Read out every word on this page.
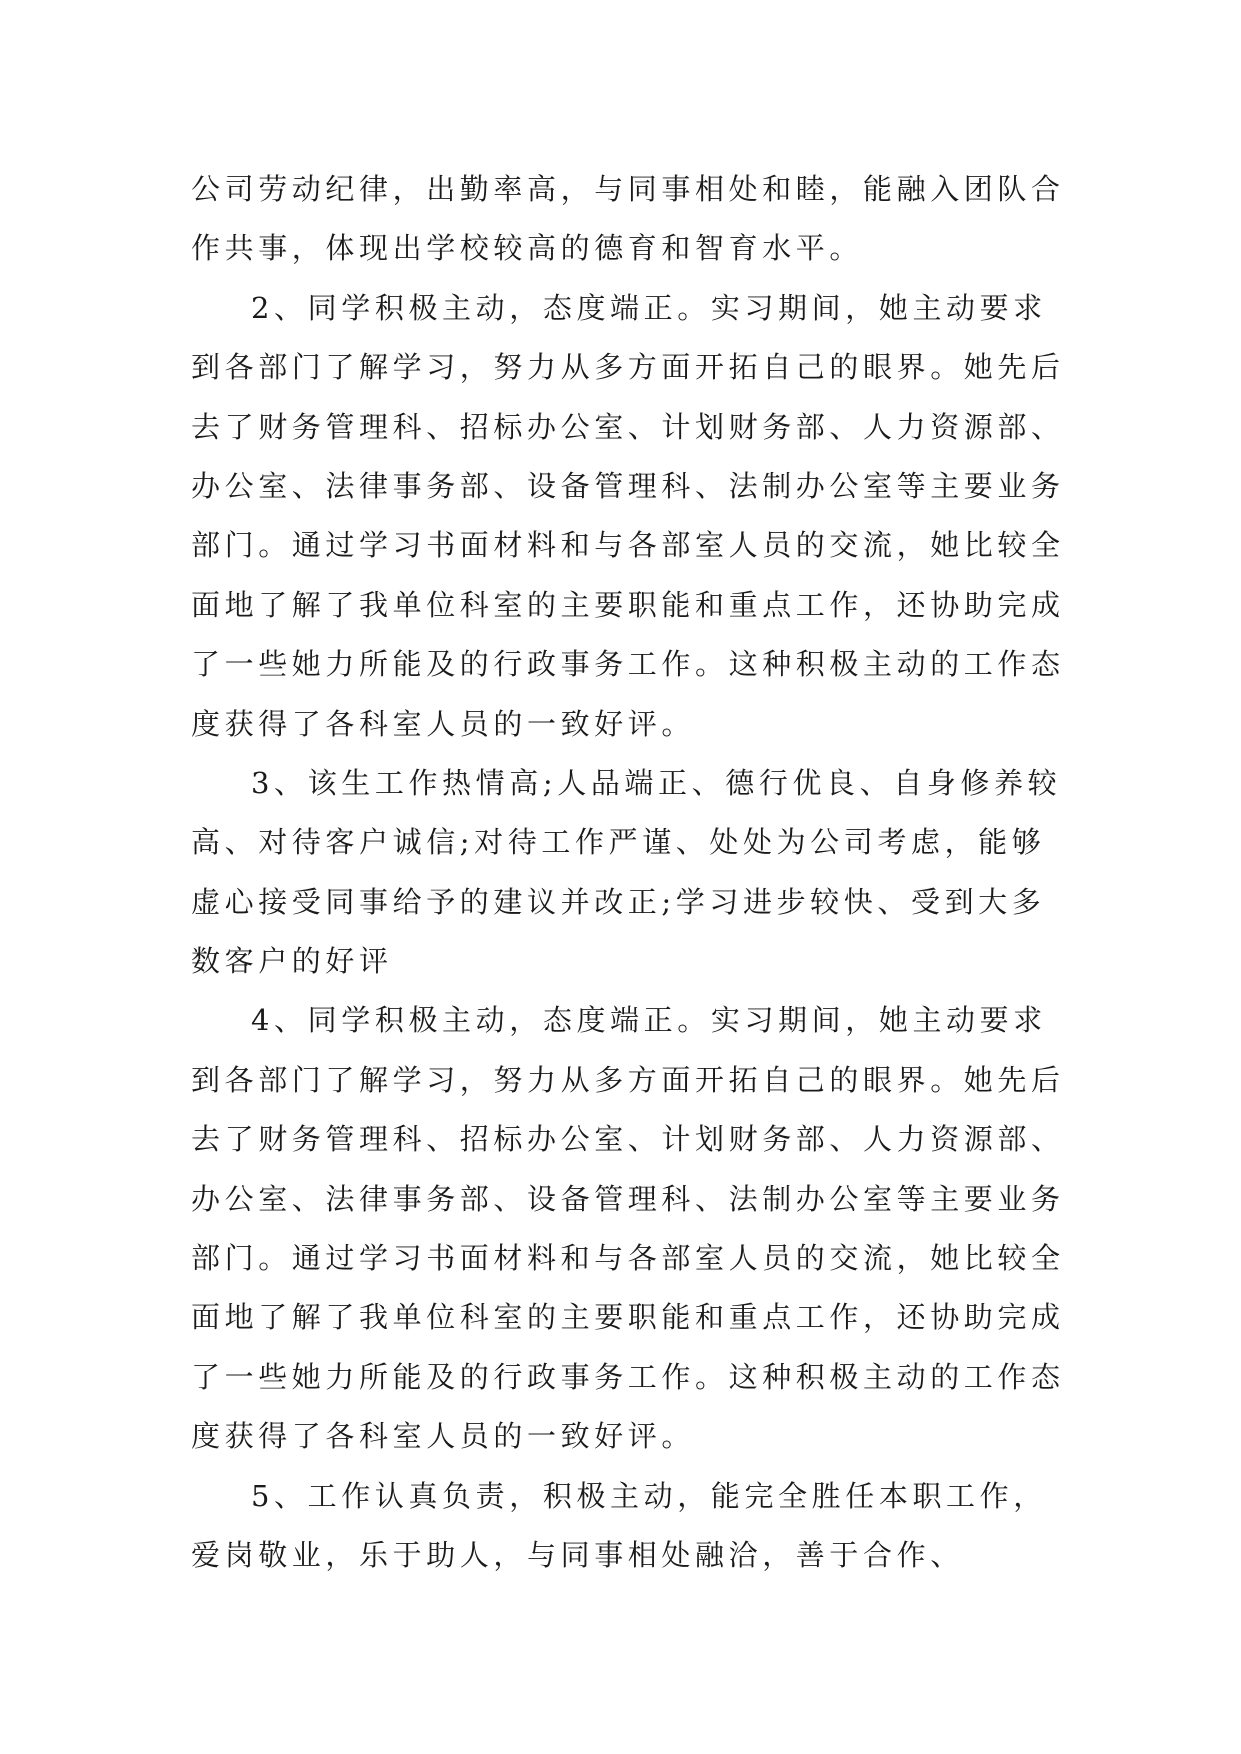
公司劳动纪律，出勤率高，与同事相处和睦，能融入团队合
作共事，体现出学校较高的德育和智育水平。
2、同学积极主动，态度端正。实习期间，她主动要求
到各部门了解学习，努力从多方面开拓自己的眼界。她先后
去了财务管理科、招标办公室、计划财务部、人力资源部、
办公室、法律事务部、设备管理科、法制办公室等主要业务
部门。通过学习书面材料和与各部室人员的交流，她比较全
面地了解了我单位科室的主要职能和重点工作，还协助完成
了一些她力所能及的行政事务工作。这种积极主动的工作态
度获得了各科室人员的一致好评。
3、该生工作热情高;人品端正、德行优良、自身修养较
高、对待客户诚信;对待工作严谨、处处为公司考虑，能够
虚心接受同事给予的建议并改正;学习进步较快、受到大多
数客户的好评
4、同学积极主动，态度端正。实习期间，她主动要求
到各部门了解学习，努力从多方面开拓自己的眼界。她先后
去了财务管理科、招标办公室、计划财务部、人力资源部、
办公室、法律事务部、设备管理科、法制办公室等主要业务
部门。通过学习书面材料和与各部室人员的交流，她比较全
面地了解了我单位科室的主要职能和重点工作，还协助完成
了一些她力所能及的行政事务工作。这种积极主动的工作态
度获得了各科室人员的一致好评。
5、工作认真负责，积极主动，能完全胜任本职工作，
爱岗敬业，乐于助人，与同事相处融洽，善于合作、
